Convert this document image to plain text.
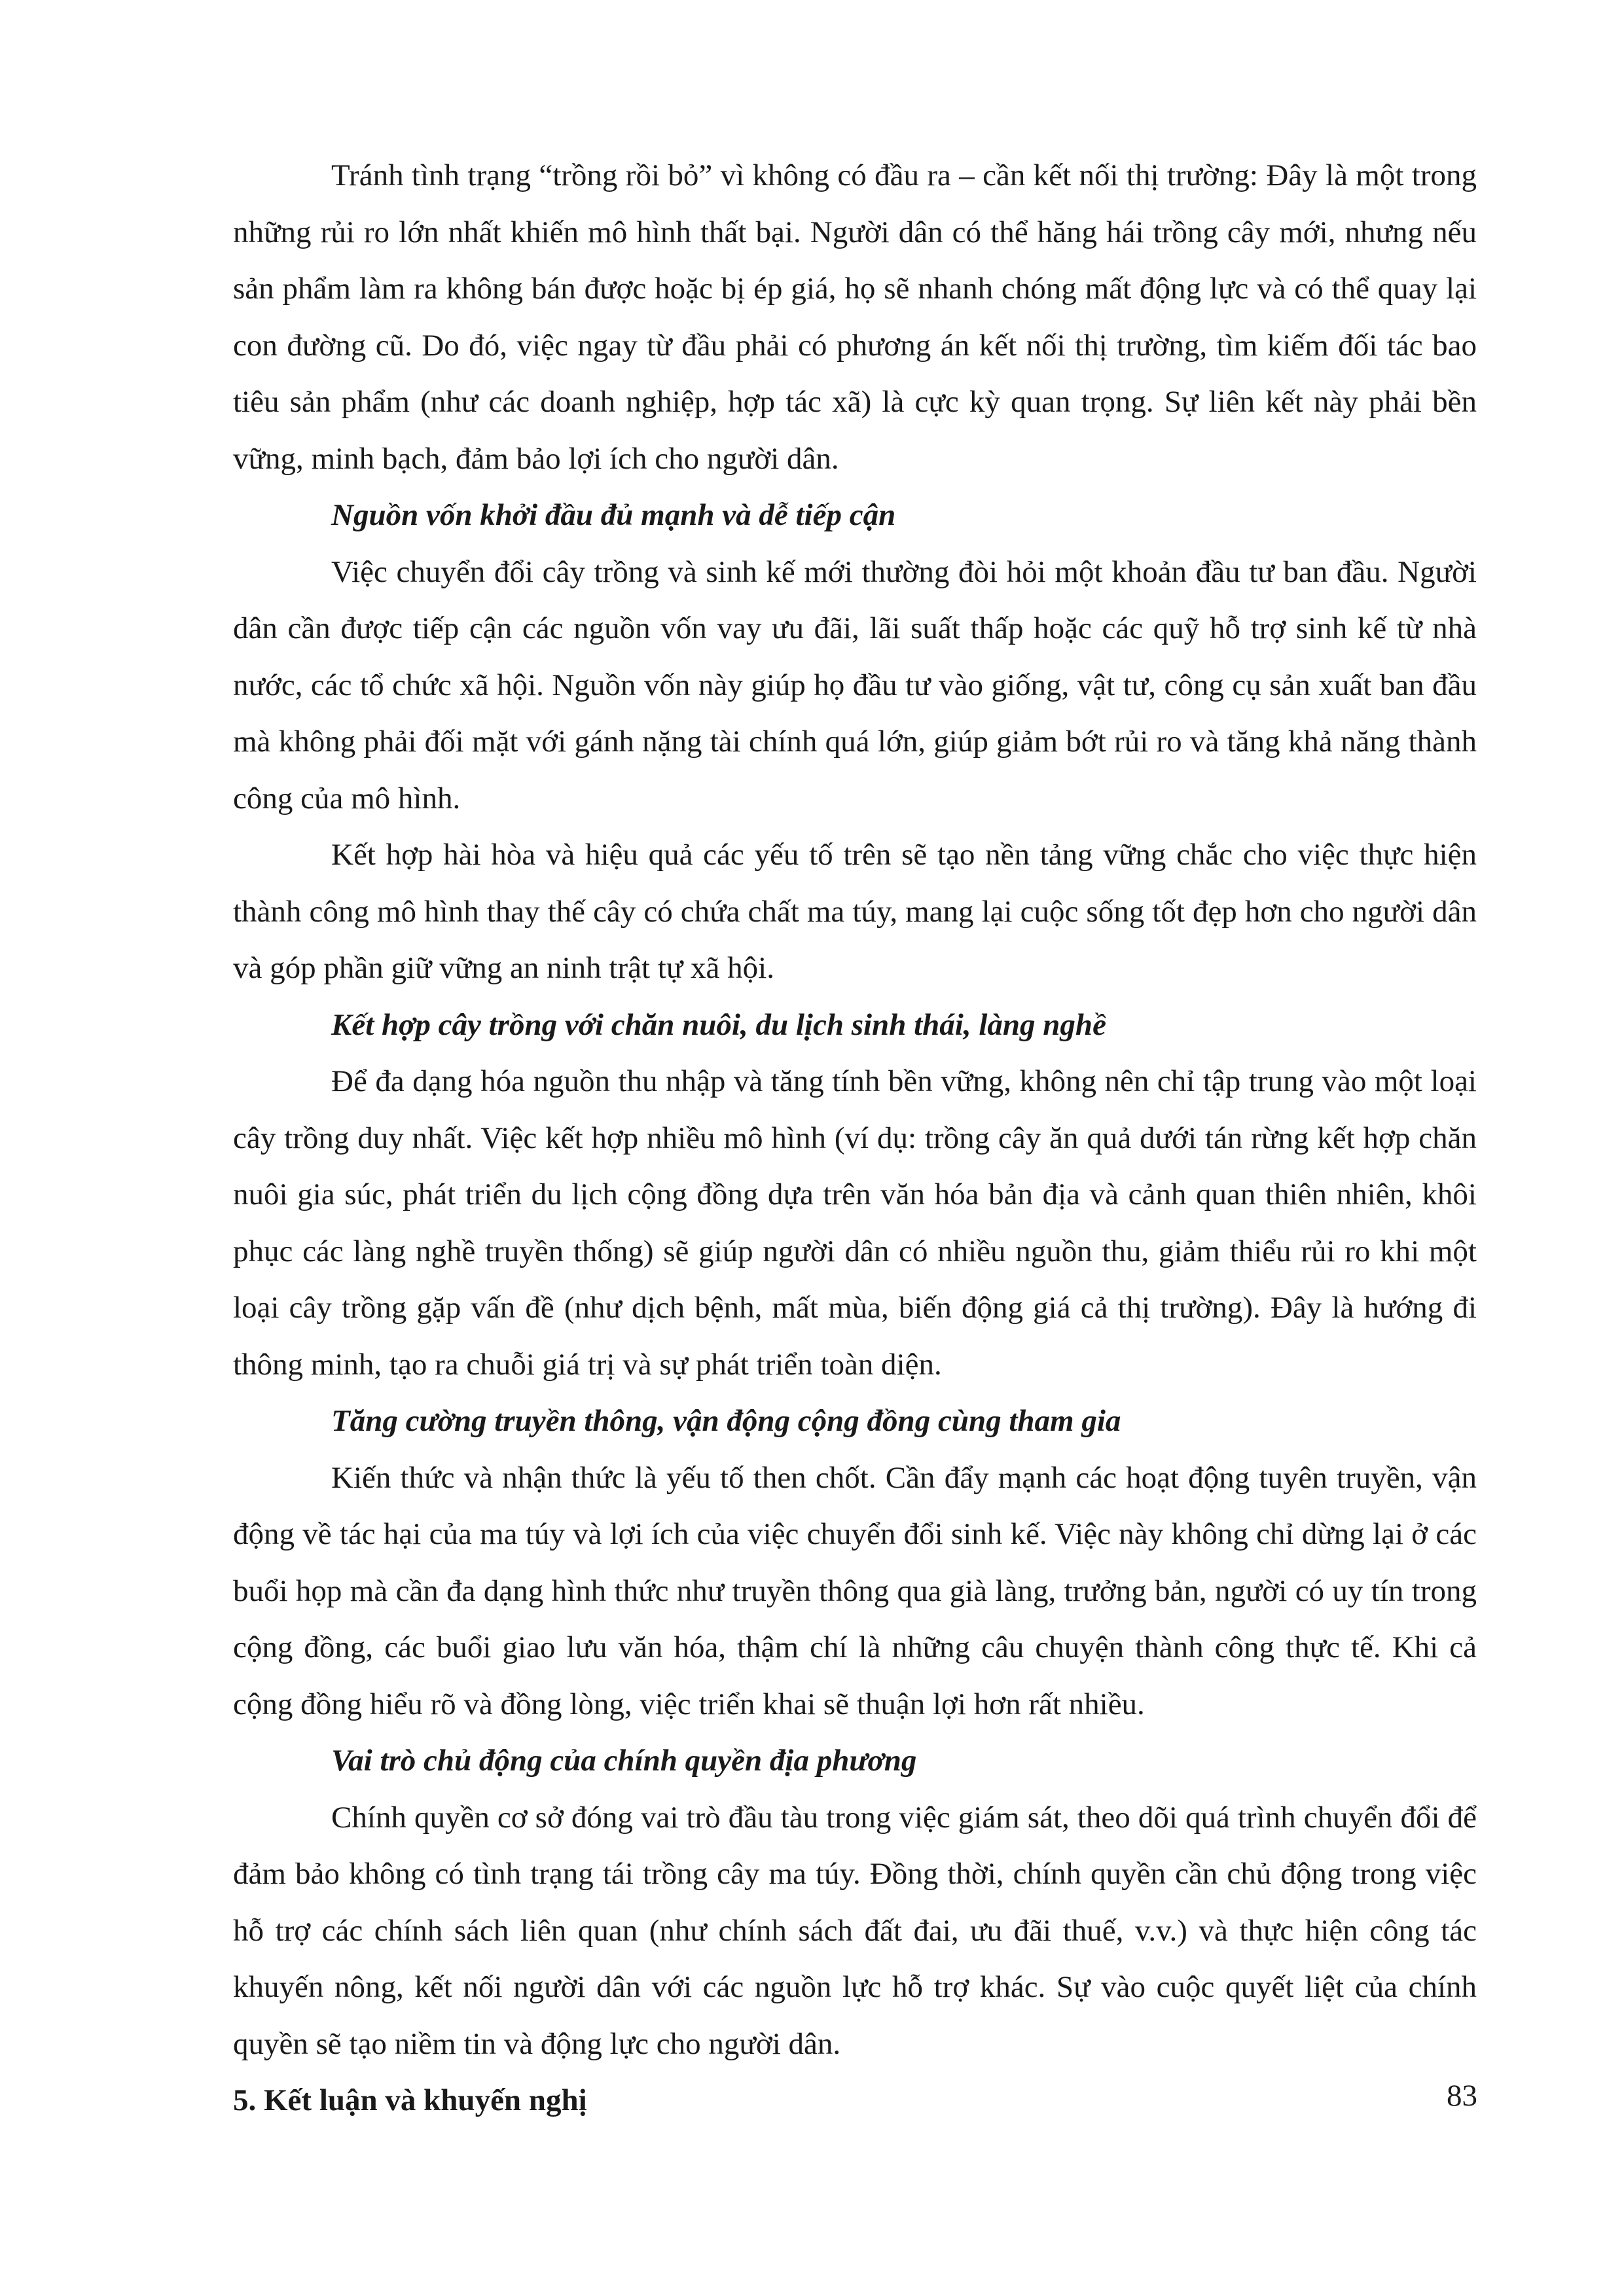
Tránh tình trạng “trồng rồi bỏ” vì không có đầu ra – cần kết nối thị trường: Đây là một trong những rủi ro lớn nhất khiến mô hình thất bại. Người dân có thể hăng hái trồng cây mới, nhưng nếu sản phẩm làm ra không bán được hoặc bị ép giá, họ sẽ nhanh chóng mất động lực và có thể quay lại con đường cũ. Do đó, việc ngay từ đầu phải có phương án kết nối thị trường, tìm kiếm đối tác bao tiêu sản phẩm (như các doanh nghiệp, hợp tác xã) là cực kỳ quan trọng. Sự liên kết này phải bền vững, minh bạch, đảm bảo lợi ích cho người dân.

Nguồn vốn khởi đầu đủ mạnh và dễ tiếp cận

Việc chuyển đổi cây trồng và sinh kế mới thường đòi hỏi một khoản đầu tư ban đầu. Người dân cần được tiếp cận các nguồn vốn vay ưu đãi, lãi suất thấp hoặc các quỹ hỗ trợ sinh kế từ nhà nước, các tổ chức xã hội. Nguồn vốn này giúp họ đầu tư vào giống, vật tư, công cụ sản xuất ban đầu mà không phải đối mặt với gánh nặng tài chính quá lớn, giúp giảm bớt rủi ro và tăng khả năng thành công của mô hình.

Kết hợp hài hòa và hiệu quả các yếu tố trên sẽ tạo nền tảng vững chắc cho việc thực hiện thành công mô hình thay thế cây có chứa chất ma túy, mang lại cuộc sống tốt đẹp hơn cho người dân và góp phần giữ vững an ninh trật tự xã hội.

Kết hợp cây trồng với chăn nuôi, du lịch sinh thái, làng nghề

Để đa dạng hóa nguồn thu nhập và tăng tính bền vững, không nên chỉ tập trung vào một loại cây trồng duy nhất. Việc kết hợp nhiều mô hình (ví dụ: trồng cây ăn quả dưới tán rừng kết hợp chăn nuôi gia súc, phát triển du lịch cộng đồng dựa trên văn hóa bản địa và cảnh quan thiên nhiên, khôi phục các làng nghề truyền thống) sẽ giúp người dân có nhiều nguồn thu, giảm thiểu rủi ro khi một loại cây trồng gặp vấn đề (như dịch bệnh, mất mùa, biến động giá cả thị trường). Đây là hướng đi thông minh, tạo ra chuỗi giá trị và sự phát triển toàn diện.

Tăng cường truyền thông, vận động cộng đồng cùng tham gia

Kiến thức và nhận thức là yếu tố then chốt. Cần đẩy mạnh các hoạt động tuyên truyền, vận động về tác hại của ma túy và lợi ích của việc chuyển đổi sinh kế. Việc này không chỉ dừng lại ở các buổi họp mà cần đa dạng hình thức như truyền thông qua già làng, trưởng bản, người có uy tín trong cộng đồng, các buổi giao lưu văn hóa, thậm chí là những câu chuyện thành công thực tế. Khi cả cộng đồng hiểu rõ và đồng lòng, việc triển khai sẽ thuận lợi hơn rất nhiều.

Vai trò chủ động của chính quyền địa phương

Chính quyền cơ sở đóng vai trò đầu tàu trong việc giám sát, theo dõi quá trình chuyển đổi để đảm bảo không có tình trạng tái trồng cây ma túy. Đồng thời, chính quyền cần chủ động trong việc hỗ trợ các chính sách liên quan (như chính sách đất đai, ưu đãi thuế, v.v.) và thực hiện công tác khuyến nông, kết nối người dân với các nguồn lực hỗ trợ khác. Sự vào cuộc quyết liệt của chính quyền sẽ tạo niềm tin và động lực cho người dân.

5. Kết luận và khuyến nghị	83
